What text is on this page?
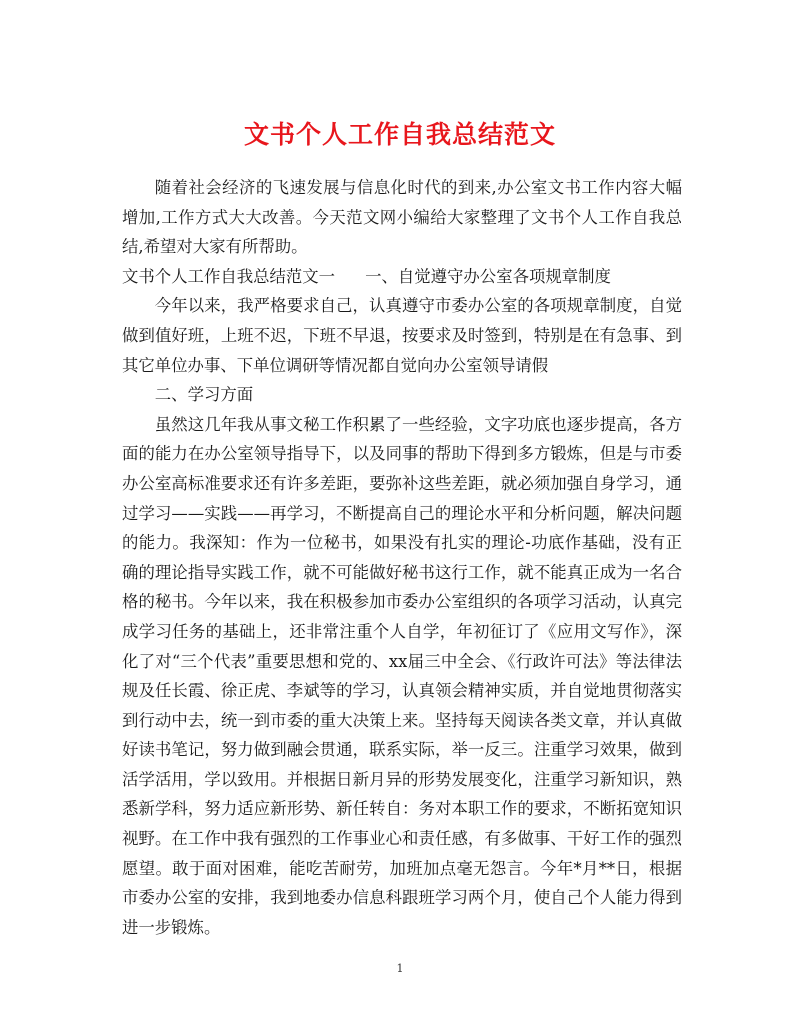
文书个人工作自我总结范文

随着社会经济的飞速发展与信息化时代的到来,办公室文书工作内容大幅增加,工作方式大大改善。今天范文网小编给大家整理了文书个人工作自我总结,希望对大家有所帮助。

文书个人工作自我总结范文一 一、自觉遵守办公室各项规章制度

今年以来，我严格要求自己，认真遵守市委办公室的各项规章制度，自觉做到值好班，上班不迟，下班不早退，按要求及时签到，特别是在有急事、到其它单位办事、下单位调研等情况都自觉向办公室领导请假

二、学习方面

虽然这几年我从事文秘工作积累了一些经验，文字功底也逐步提高，各方面的能力在办公室领导指导下，以及同事的帮助下得到多方锻炼，但是与市委办公室高标准要求还有许多差距，要弥补这些差距，就必须加强自身学习，通过学习——实践——再学习，不断提高自己的理论水平和分析问题，解决问题的能力。我深知：作为一位秘书，如果没有扎实的理论-功底作基础，没有正确的理论指导实践工作，就不可能做好秘书这行工作，就不能真正成为一名合格的秘书。今年以来，我在积极参加市委办公室组织的各项学习活动，认真完成学习任务的基础上，还非常注重个人自学，年初征订了《应用文写作》，深化了对“三个代表”重要思想和党的、xx届三中全会、《行政许可法》等法律法规及任长霞、徐正虎、李斌等的学习，认真领会精神实质，并自觉地贯彻落实到行动中去，统一到市委的重大决策上来。坚持每天阅读各类文章，并认真做好读书笔记，努力做到融会贯通，联系实际，举一反三。注重学习效果，做到活学活用，学以致用。并根据日新月异的形势发展变化，注重学习新知识，熟悉新学科，努力适应新形势、新任转自：务对本职工作的要求，不断拓宽知识视野。在工作中我有强烈的工作事业心和责任感，有多做事、干好工作的强烈愿望。敢于面对困难，能吃苦耐劳，加班加点毫无怨言。今年*月**日，根据市委办公室的安排，我到地委办信息科跟班学习两个月，使自己个人能力得到进一步锻炼。

1
